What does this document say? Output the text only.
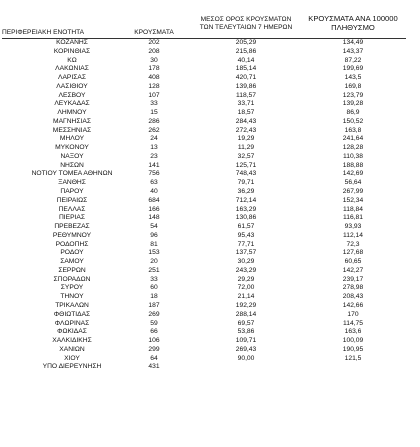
ΠΕΡΙΦΕΡΕΙΑΚΗ ΕΝΟΤΗΤΑ	ΚΡΟΥΣΜΑΤΑ
ΜΕΣΟΣ ΟΡΟΣ ΚΡΟΥΣΜΑΤΩΝ
ΤΩΝ ΤΕΛΕΥΤΑΙΩΝ 7 ΗΜΕΡΩΝ
ΚΡΟΥΣΜΑΤΑ ΑΝΑ 100000
ΠΛΗΘΥΣΜΟ
ΚΟΖΑΝΗΣ	202	205,29	134,49
ΚΟΡΙΝΘΙΑΣ	208	215,86	143,37
ΚΩ	30	40,14	87,22
ΛΑΚΩΝΙΑΣ	178	185,14	199,69
ΛΑΡΙΣΑΣ	408	420,71	143,5
ΛΑΣΙΘΙΟΥ	128	139,86	169,8
ΛΕΣΒΟΥ	107	118,57	123,79
ΛΕΥΚΑΔΑΣ	33	33,71	139,28
ΛΗΜΝΟΥ	15	18,57	86,9
ΜΑΓΝΗΣΙΑΣ	286	284,43	150,52
ΜΕΣΣΗΝΙΑΣ	262	272,43	163,8
ΜΗΛΟΥ	24	19,29	241,64
ΜΥΚΟΝΟΥ	13	11,29	128,28
ΝΑΞΟΥ	23	32,57	110,38
ΝΗΣΩΝ	141	125,71	188,88
ΝΟΤΙΟΥ ΤΟΜΕΑ ΑΘΗΝΩΝ	756	748,43	142,69
ΞΑΝΘΗΣ	63	79,71	56,64
ΠΑΡΟΥ	40	36,29	267,99
ΠΕΙΡΑΙΩΣ	684	712,14	152,34
ΠΕΛΛΑΣ	166	163,29	118,84
ΠΙΕΡΙΑΣ	148	130,86	116,81
ΠΡΕΒΕΖΑΣ	54	61,57	93,93
ΡΕΘΥΜΝΟΥ	96	95,43	112,14
ΡΟΔΟΠΗΣ	81	77,71	72,3
ΡΟΔΟΥ	153	137,57	127,68
ΣΑΜΟΥ	20	30,29	60,65
ΣΕΡΡΩΝ	251	243,29	142,27
ΣΠΟΡΑΔΩΝ	33	29,29	239,17
ΣΥΡΟΥ	60	72,00	278,98
ΤΗΝΟΥ	18	21,14	208,43
ΤΡΙΚΑΛΩΝ	187	192,29	142,66
ΦΘΙΩΤΙΔΑΣ	269	288,14	170
ΦΛΩΡΙΝΑΣ	59	69,57	114,75
ΦΩΚΙΔΑΣ	66	53,86	163,6
ΧΑΛΚΙΔΙΚΗΣ	106	109,71	100,09
ΧΑΝΙΩΝ	299	269,43	190,95
ΧΙΟΥ	64	90,00	121,5
ΥΠΟ ΔΙΕΡΕΥΝΗΣΗ	431
